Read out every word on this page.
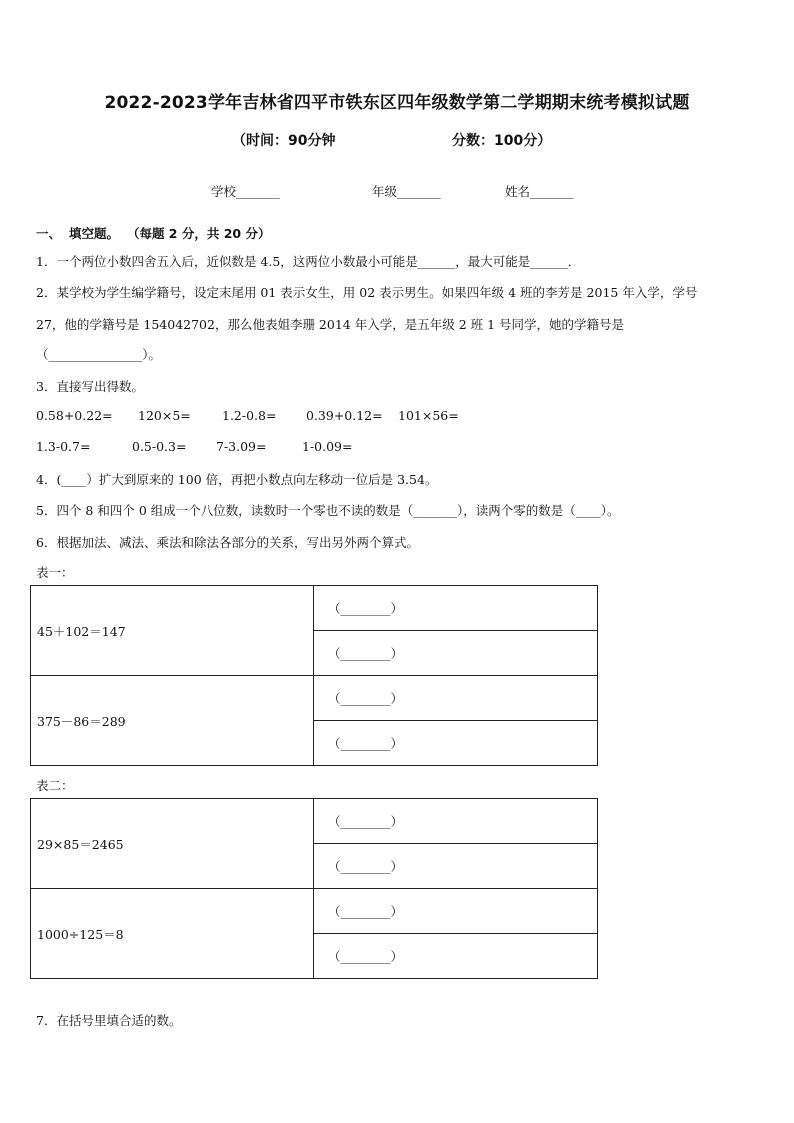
2022-2023学年吉林省四平市铁东区四年级数学第二学期期末统考模拟试题
（时间：90分钟	分数：100分）
学校_______	年级_______	姓名_______
一、 填空题。 （每题 2 分，共 20 分）
1．一个两位小数四舍五入后，近似数是 4.5，这两位小数最小可能是______，最大可能是______．
2．某学校为学生编学籍号，设定末尾用 01 表示女生，用 02 表示男生。如果四年级 4 班的李芳是 2015 年入学，学号
27，他的学籍号是 154042702，那么他表姐李珊 2014 年入学，是五年级 2 班 1 号同学，她的学籍号是
（_______________）。
3．直接写出得数。
0.58+0.22= 120×5= 1.2-0.8= 0.39+0.12= 101×56=
1.3-0.7=	0.5-0.3= 7-3.09=	1-0.09=
4．(____）扩大到原来的 100 倍，再把小数点向左移动一位后是 3.54。
5．四个 8 和四个 0 组成一个八位数，读数时一个零也不读的数是（_______），读两个零的数是（____）。
6．根据加法、减法、乘法和除法各部分的关系，写出另外两个算式。
表一：
45＋102＝147	（________）
	（________）
375－86＝289	（________）
	（________）
表二：
29×85＝2465	（________）
	（________）
1000÷125＝8	（________）
	（________）
7．在括号里填合适的数。
